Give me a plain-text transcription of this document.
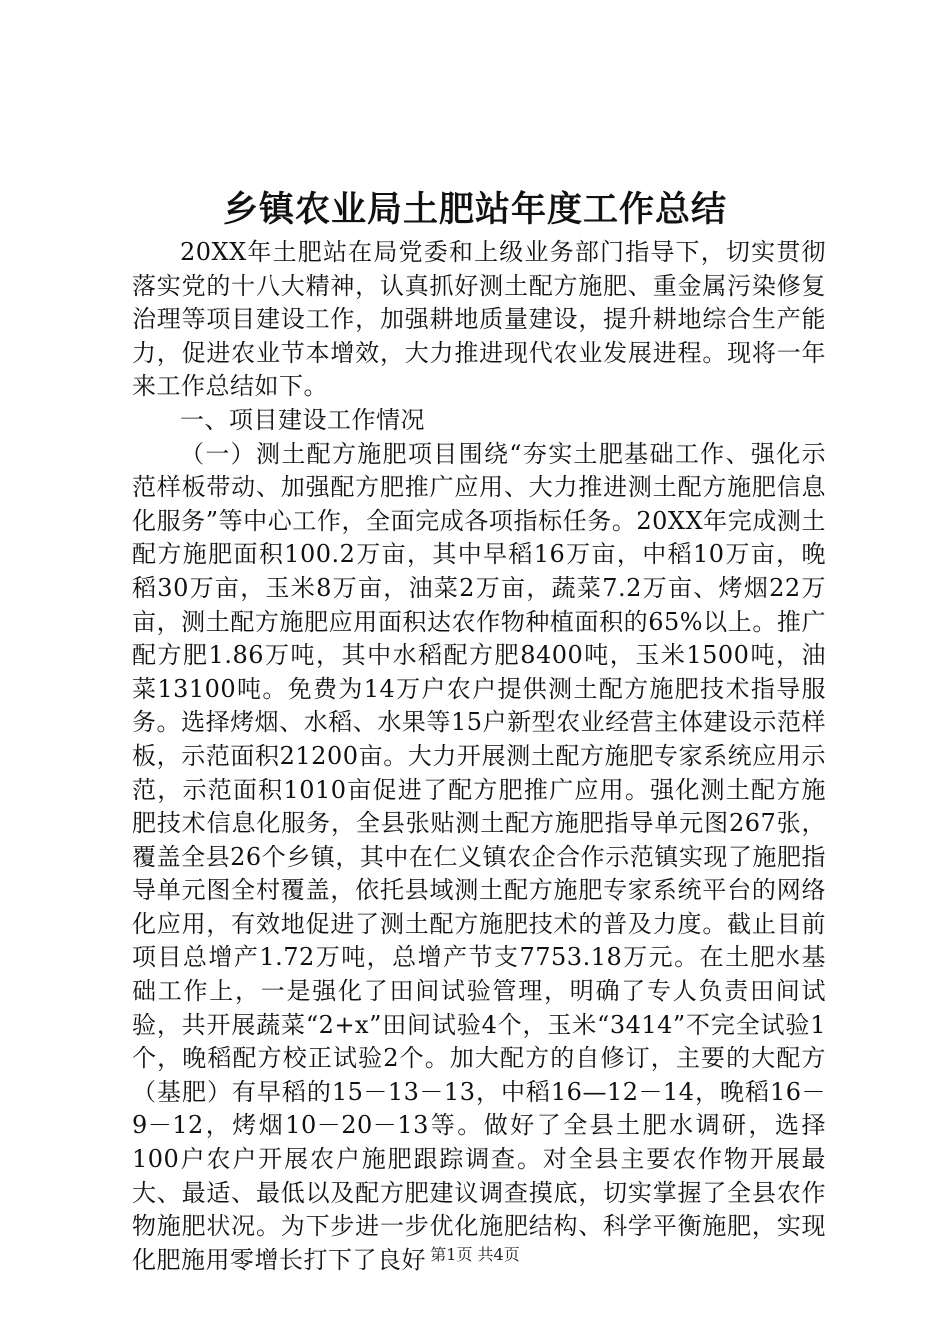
乡镇农业局土肥站年度工作总结

20XX年土肥站在局党委和上级业务部门指导下，切实贯彻落实党的十八大精神，认真抓好测土配方施肥、重金属污染修复治理等项目建设工作，加强耕地质量建设，提升耕地综合生产能力，促进农业节本增效，大力推进现代农业发展进程。现将一年来工作总结如下。

一、项目建设工作情况

（一）测土配方施肥项目围绕“夯实土肥基础工作、强化示范样板带动、加强配方肥推广应用、大力推进测土配方施肥信息化服务”等中心工作，全面完成各项指标任务。20XX年完成测土配方施肥面积100.2万亩，其中早稻16万亩，中稻10万亩，晚稻30万亩，玉米8万亩，油菜2万亩，蔬菜7.2万亩、烤烟22万亩，测土配方施肥应用面积达农作物种植面积的65%以上。推广配方肥1.86万吨，其中水稻配方肥8400吨，玉米1500吨，油菜13100吨。免费为14万户农户提供测土配方施肥技术指导服务。选择烤烟、水稻、水果等15户新型农业经营主体建设示范样板，示范面积21200亩。大力开展测土配方施肥专家系统应用示范，示范面积1010亩促进了配方肥推广应用。强化测土配方施肥技术信息化服务，全县张贴测土配方施肥指导单元图267张，覆盖全县26个乡镇，其中在仁义镇农企合作示范镇实现了施肥指导单元图全村覆盖，依托县域测土配方施肥专家系统平台的网络化应用，有效地促进了测土配方施肥技术的普及力度。截止目前项目总增产1.72万吨，总增产节支7753.18万元。在土肥水基础工作上，一是强化了田间试验管理，明确了专人负责田间试验，共开展蔬菜“2+x”田间试验4个，玉米“3414”不完全试验1个，晚稻配方校正试验2个。加大配方的自修订，主要的大配方（基肥）有早稻的15－13－13，中稻16—12－14，晚稻16－9－12，烤烟10－20－13等。做好了全县土肥水调研，选择100户农户开展农户施肥跟踪调查。对全县主要农作物开展最大、最适、最低以及配方肥建议调查摸底，切实掌握了全县农作物施肥状况。为下步进一步优化施肥结构、科学平衡施肥，实现化肥施用零增长打下了良好 第1页 共4页
